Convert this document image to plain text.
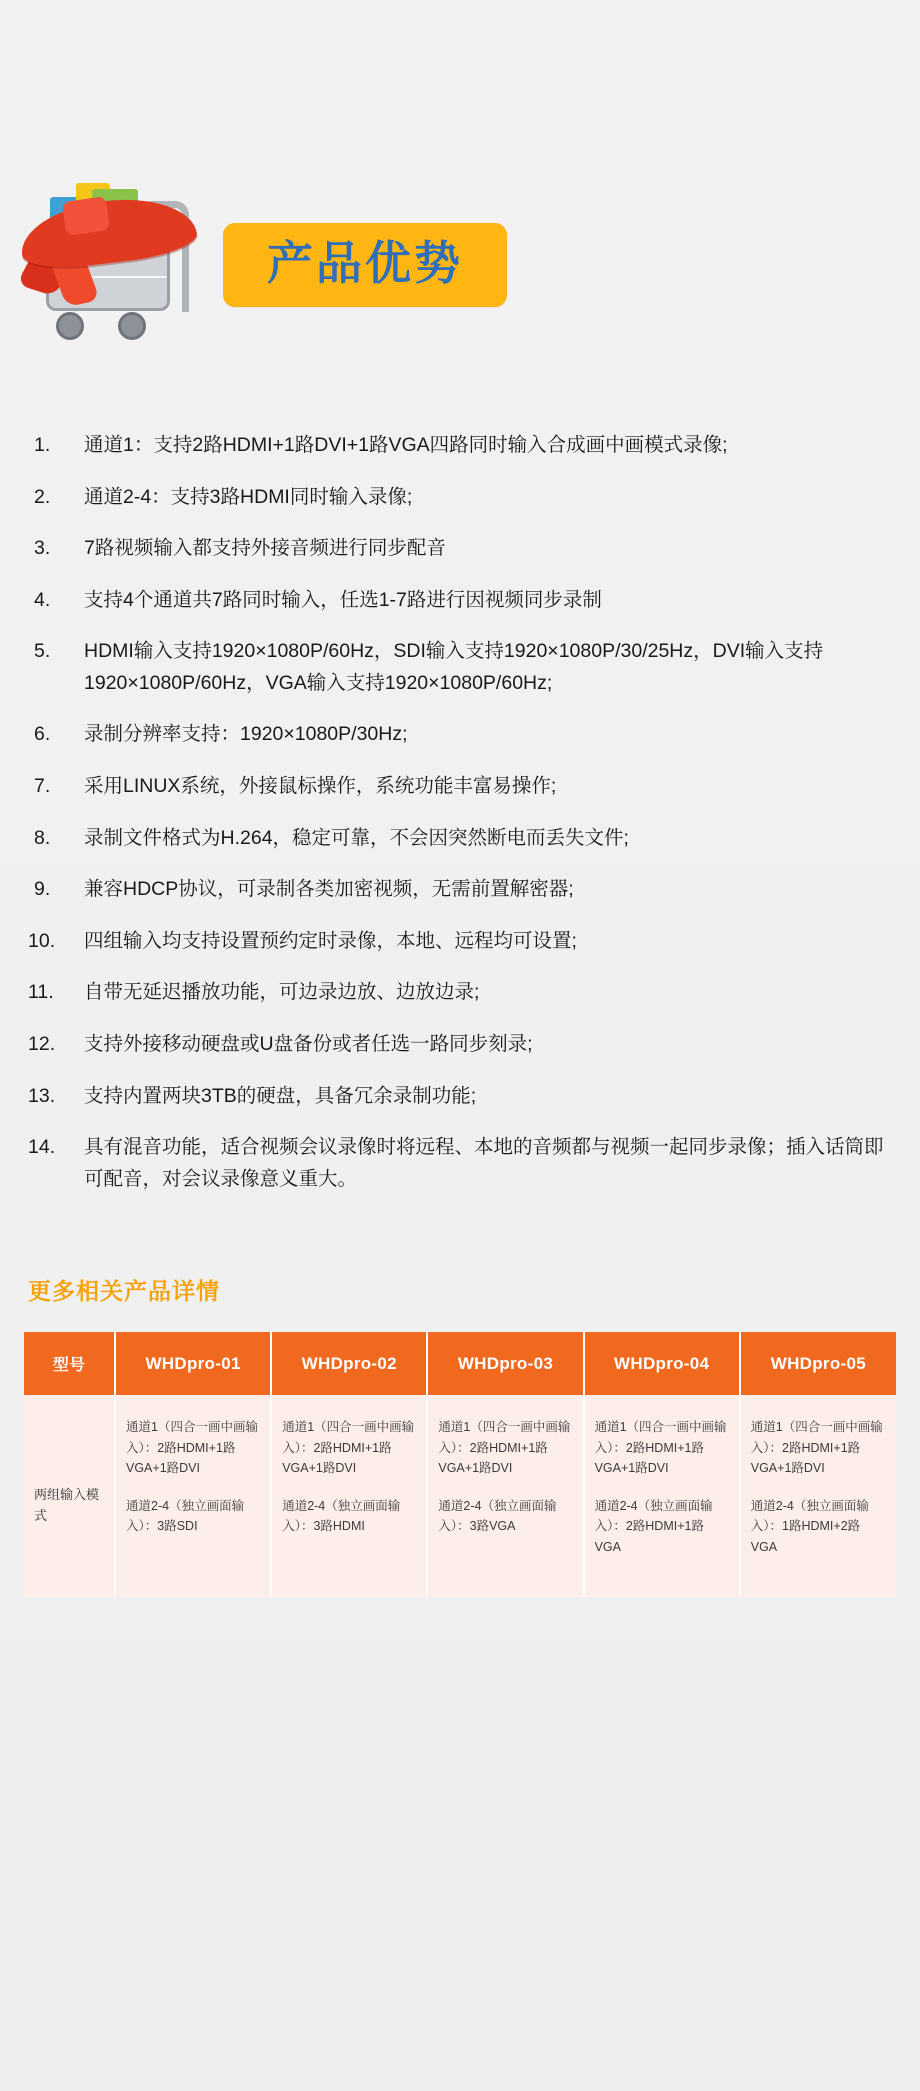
产品优势
通道1：支持2路HDMI+1路DVI+1路VGA四路同时输入合成画中画模式录像;
通道2-4：支持3路HDMI同时输入录像;
7路视频输入都支持外接音频进行同步配音
支持4个通道共7路同时输入，任选1-7路进行因视频同步录制
HDMI输入支持1920×1080P/60Hz，SDI输入支持1920×1080P/30/25Hz，DVI输入支持1920×1080P/60Hz，VGA输入支持1920×1080P/60Hz;
录制分辨率支持：1920×1080P/30Hz;
采用LINUX系统，外接鼠标操作，系统功能丰富易操作;
录制文件格式为H.264，稳定可靠，不会因突然断电而丢失文件;
兼容HDCP协议，可录制各类加密视频，无需前置解密器;
四组输入均支持设置预约定时录像，本地、远程均可设置;
自带无延迟播放功能，可边录边放、边放边录;
支持外接移动硬盘或U盘备份或者任选一路同步刻录;
支持内置两块3TB的硬盘，具备冗余录制功能;
具有混音功能，适合视频会议录像时将远程、本地的音频都与视频一起同步录像；插入话筒即可配音，对会议录像意义重大。
更多相关产品详情
型号	WHDpro-01	WHDpro-02	WHDpro-03	WHDpro-04	WHDpro-05
两组输入模式	
通道1（四合一画中画输入）：2路HDMI+1路VGA+1路DVI
通道2-4（独立画面输入）：3路SDI

通道1（四合一画中画输入）：2路HDMI+1路VGA+1路DVI
通道2-4（独立画面输入）：3路HDMI

通道1（四合一画中画输入）：2路HDMI+1路VGA+1路DVI
通道2-4（独立画面输入）：3路VGA

通道1（四合一画中画输入）：2路HDMI+1路VGA+1路DVI
通道2-4（独立画面输入）：2路HDMI+1路VGA

通道1（四合一画中画输入）：2路HDMI+1路VGA+1路DVI
通道2-4（独立画面输入）：1路HDMI+2路VGA
